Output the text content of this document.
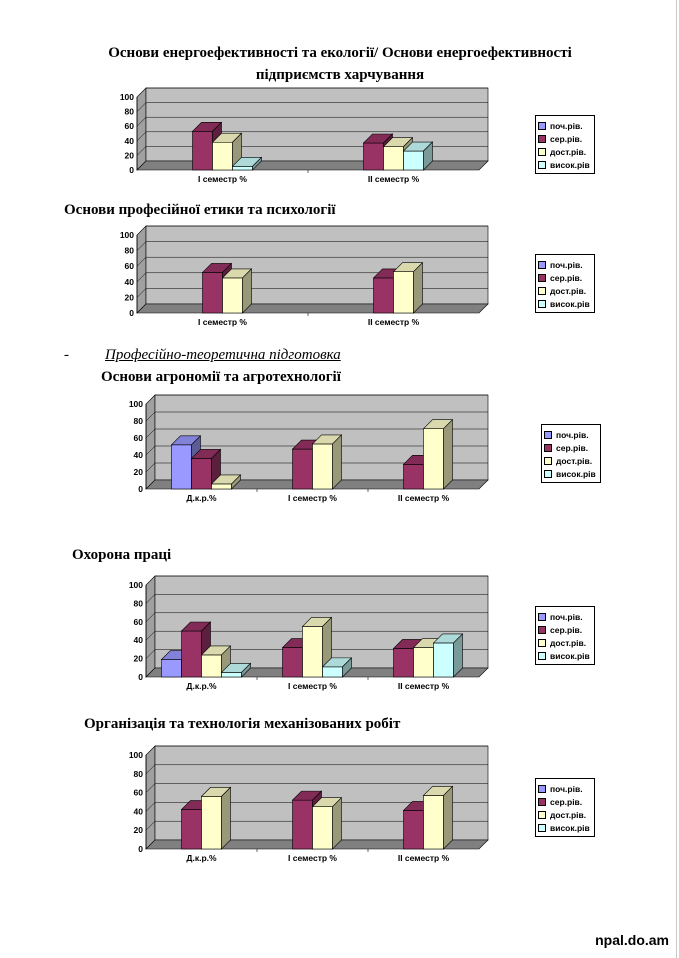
Основи енергоефективності та екології/ Основи енергоефективності
підприємств харчування
Основи професійної етики та психології
- Професійно-теоретична підготовка
Основи агрономії та агротехнології
Охорона праці
Організація та технологія механізованих робіт
0
20
40
60
80
100
І семестр %	ІІ семестр %
0
20
40
60
80
100
І семестр %	ІІ семестр %
0
20
40
60
80
100
Д.к.р.%	І семестр %	ІІ семестр %
0
20
40
60
80
100
Д.к.р.%	І семестр %	ІІ семестр %
0
20
40
60
80
100
Д.к.р.%	І семестр %	ІІ семестр %
поч.рів.
сер.рів.
дост.рів.
висок.рів
поч.рів.
сер.рів.
дост.рів.
висок.рів
поч.рів.
сер.рів.
дост.рів.
висок.рів
поч.рів.
сер.рів.
дост.рів.
висок.рів
поч.рів.
сер.рів.
дост.рів.
висок.рів
npal.do.am
